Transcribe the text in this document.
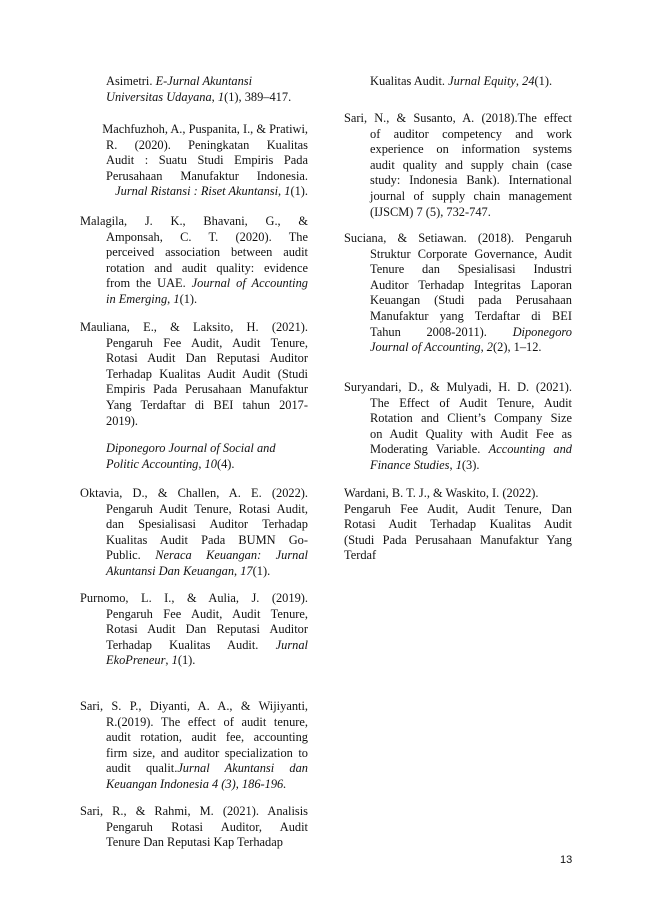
Asimetri. E-Jurnal Akuntansi
Universitas Udayana, 1(1), 389–417.
Machfuzhoh, A., Puspanita, I., & Pratiwi,
R. (2020). Peningkatan Kualitas
Audit : Suatu Studi Empiris Pada
Perusahaan Manufaktur Indonesia.
Jurnal Ristansi : Riset Akuntansi, 1(1).
Malagila, J. K., Bhavani, G., &
Amponsah, C. T. (2020). The
perceived association between audit
rotation and audit quality: evidence
from the UAE. Journal of Accounting
in Emerging, 1(1).
Mauliana, E., & Laksito, H. (2021).
Pengaruh Fee Audit, Audit Tenure,
Rotasi Audit Dan Reputasi Auditor
Terhadap Kualitas Audit Audit (Studi
Empiris Pada Perusahaan Manufaktur
Yang Terdaftar di BEI tahun 2017-
2019).
Diponegoro Journal of Social and
Politic Accounting, 10(4).
Oktavia, D., & Challen, A. E. (2022).
Pengaruh Audit Tenure, Rotasi Audit,
dan Spesialisasi Auditor Terhadap
Kualitas Audit Pada BUMN Go-
Public. Neraca Keuangan: Jurnal
Akuntansi Dan Keuangan, 17(1).
Purnomo, L. I., & Aulia, J. (2019).
Pengaruh Fee Audit, Audit Tenure,
Rotasi Audit Dan Reputasi Auditor
Terhadap Kualitas Audit. Jurnal
EkoPreneur, 1(1).
Sari, S. P., Diyanti, A. A., & Wijiyanti,
R.(2019). The effect of audit tenure,
audit rotation, audit fee, accounting
firm size, and auditor specialization to
audit qualit.Jurnal Akuntansi dan
Keuangan Indonesia 4 (3), 186-196.
Sari, R., & Rahmi, M. (2021). Analisis
Pengaruh Rotasi Auditor, Audit
Tenure Dan Reputasi Kap Terhadap
Kualitas Audit. Jurnal Equity, 24(1).
Sari, N., & Susanto, A. (2018).The effect
of auditor competency and work
experience on information systems
audit quality and supply chain (case
study: Indonesia Bank). International
journal of supply chain management
(IJSCM) 7 (5), 732-747.
Suciana, & Setiawan. (2018). Pengaruh
Struktur Corporate Governance, Audit
Tenure dan Spesialisasi Industri
Auditor Terhadap Integritas Laporan
Keuangan (Studi pada Perusahaan
Manufaktur yang Terdaftar di BEI
Tahun 2008-2011). Diponegoro
Journal of Accounting, 2(2), 1–12.
Suryandari, D., & Mulyadi, H. D. (2021).
The Effect of Audit Tenure, Audit
Rotation and Client’s Company Size
on Audit Quality with Audit Fee as
Moderating Variable. Accounting and
Finance Studies, 1(3).
Wardani, B. T. J., & Waskito, I. (2022).
Pengaruh Fee Audit, Audit Tenure, Dan
Rotasi Audit Terhadap Kualitas Audit
(Studi Pada Perusahaan Manufaktur Yang
Terdaf
13
